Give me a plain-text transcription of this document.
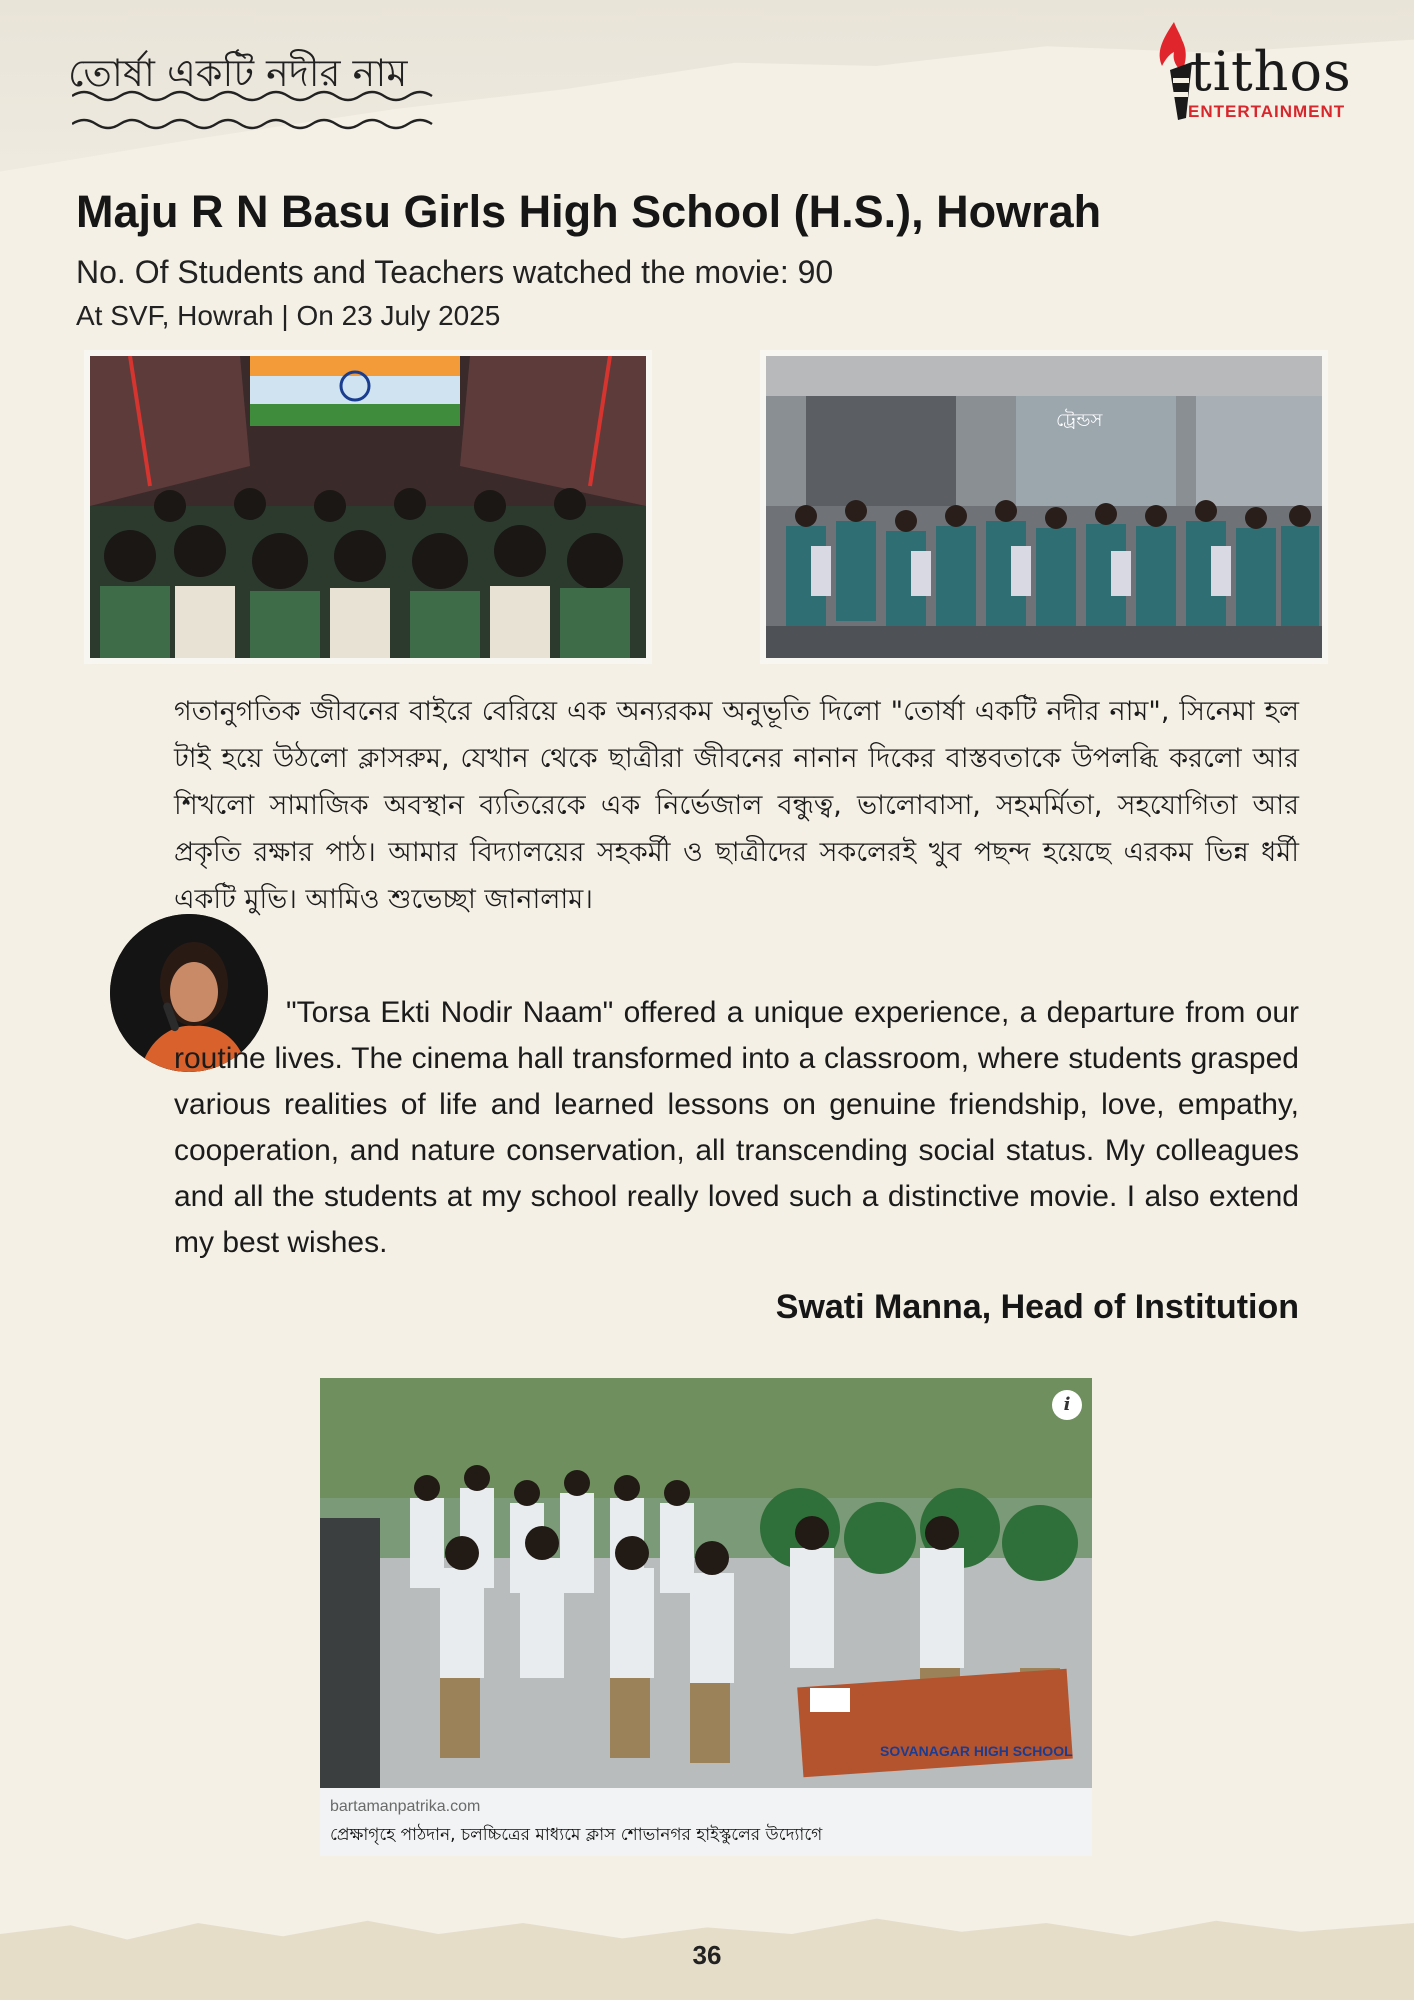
তোর্ষা একটি নদীর নাম	tithos
ENTERTAINMENT
Maju R N Basu Girls High School (H.S.), Howrah
No. Of Students and Teachers watched the movie: 90
At SVF, Howrah | On 23 July 2025
ট্রেন্ডস
গতানুগতিক জীবনের বাইরে বেরিয়ে এক অন্যরকম অনুভূতি দিলো "তোর্ষা একটি নদীর নাম", সিনেমা হল টাই হয়ে উঠলো ক্লাসরুম, যেখান থেকে ছাত্রীরা জীবনের নানান দিকের বাস্তবতাকে উপলব্ধি করলো আর শিখলো সামাজিক অবস্থান ব্যতিরেকে এক নির্ভেজাল বন্ধুত্ব, ভালোবাসা, সহমর্মিতা, সহযোগিতা আর প্রকৃতি রক্ষার পাঠ। আমার বিদ্যালয়ের সহকর্মী ও ছাত্রীদের সকলেরই খুব পছন্দ হয়েছে এরকম ভিন্ন ধর্মী একটি মুভি। আমিও শুভেচ্ছা জানালাম।
"Torsa Ekti Nodir Naam" offered a unique experience, a departure from our routine lives. The cinema hall transformed into a classroom, where students grasped various realities of life and learned lessons on genuine friendship, love, empathy, cooperation, and nature conservation, all transcending social status. My colleagues and all the students at my school really loved such a distinctive movie. I also extend my best wishes.
Swati Manna, Head of Institution
SOVANAGAR HIGH SCHOOL
i
bartamanpatrika.com
প্রেক্ষাগৃহে পাঠদান, চলচ্চিত্রের মাধ্যমে ক্লাস শোভানগর হাইস্কুলের উদ্যোগে
36
